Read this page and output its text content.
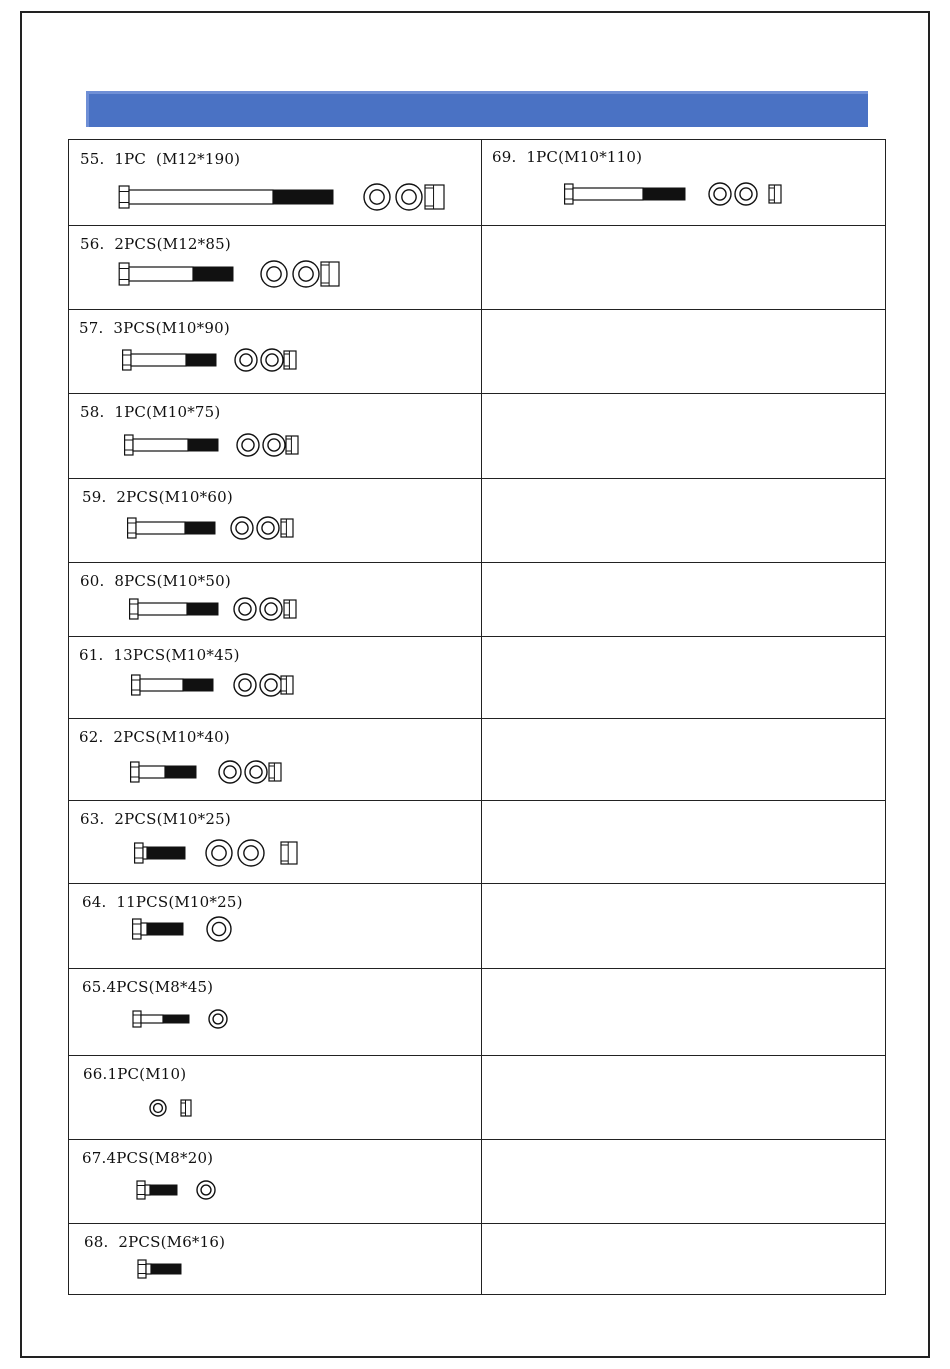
55.  1PC  (M12*190)
56.  2PCS(M12*85)
57.  3PCS(M10*90)
58.  1PC(M10*75)
59.  2PCS(M10*60)
60.  8PCS(M10*50)
61.  13PCS(M10*45)
62.  2PCS(M10*40)
63.  2PCS(M10*25)
64.  11PCS(M10*25)
65.4PCS(M8*45)
66.1PC(M10)
67.4PCS(M8*20)
68.  2PCS(M6*16)
69.  1PC(M10*110)
